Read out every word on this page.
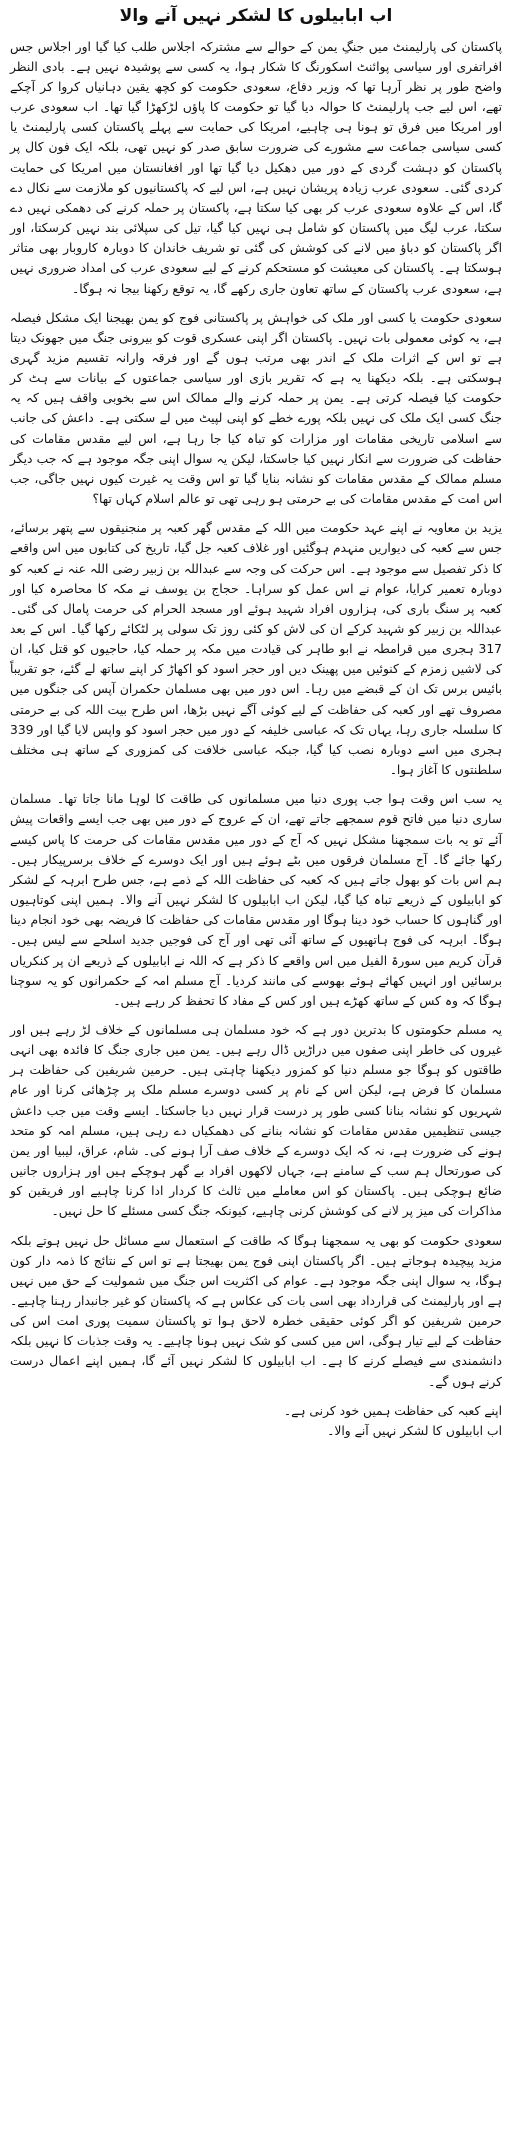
اب ابابیلوں کا لشکر نہیں آنے والا

پاکستان کی پارلیمنٹ میں جنگِ یمن کے حوالے سے مشترکہ اجلاس طلب کیا گیا اور اجلاس جس افراتفری اور سیاسی پوائنٹ اسکورنگ کا شکار ہوا، یہ کسی سے پوشیدہ نہیں ہے۔ بادی النظر واضح طور پر نظر آرہا تھا کہ وزیر دفاع، سعودی حکومت کو کچھ یقین دہانیاں کروا کر آچکے تھے، اس لیے جب پارلیمنٹ کا حوالہ دیا گیا تو حکومت کا پاؤں لڑکھڑا گیا تھا۔ اب سعودی عرب اور امریکا میں فرق تو ہونا ہی چاہیے، امریکا کی حمایت سے پہلے پاکستان کسی پارلیمنٹ یا کسی سیاسی جماعت سے مشورے کی ضرورت سابق صدر کو نہیں تھی، بلکہ ایک فون کال پر پاکستان کو دہشت گردی کے دور میں دھکیل دیا گیا تھا اور افغانستان میں امریکا کی حمایت کردی گئی۔ سعودی عرب زیادہ پریشان نہیں ہے، اس لیے کہ پاکستانیوں کو ملازمت سے نکال دے گا، اس کے علاوہ سعودی عرب کر بھی کیا سکتا ہے، پاکستان پر حملہ کرنے کی دھمکی نہیں دے سکتا، عرب لیگ میں پاکستان کو شامل ہی نہیں کیا گیا، تیل کی سپلائی بند نہیں کرسکتا، اور اگر پاکستان کو دباؤ میں لانے کی کوشش کی گئی تو شریف خاندان کا دوبارہ کاروبار بھی متاثر ہوسکتا ہے۔ پاکستان کی معیشت کو مستحکم کرنے کے لیے سعودی عرب کی امداد ضروری نہیں ہے، سعودی عرب پاکستان کے ساتھ تعاون جاری رکھے گا، یہ توقع رکھنا بیجا نہ ہوگا۔

سعودی حکومت یا کسی اور ملک کی خواہش پر پاکستانی فوج کو یمن بھیجنا ایک مشکل فیصلہ ہے، یہ کوئی معمولی بات نہیں۔ پاکستان اگر اپنی عسکری قوت کو بیرونی جنگ میں جھونک دیتا ہے تو اس کے اثرات ملک کے اندر بھی مرتب ہوں گے اور فرقہ وارانہ تقسیم مزید گہری ہوسکتی ہے۔ بلکہ دیکھنا یہ ہے کہ تقریر بازی اور سیاسی جماعتوں کے بیانات سے ہٹ کر حکومت کیا فیصلہ کرتی ہے۔ یمن پر حملہ کرنے والے ممالک اس سے بخوبی واقف ہیں کہ یہ جنگ کسی ایک ملک کی نہیں بلکہ پورے خطے کو اپنی لپیٹ میں لے سکتی ہے۔ داعش کی جانب سے اسلامی تاریخی مقامات اور مزارات کو تباہ کیا جا رہا ہے، اس لیے مقدس مقامات کی حفاظت کی ضرورت سے انکار نہیں کیا جاسکتا، لیکن یہ سوال اپنی جگہ موجود ہے کہ جب دیگر مسلم ممالک کے مقدس مقامات کو نشانہ بنایا گیا تو اس وقت یہ غیرت کیوں نہیں جاگی، جب اس امت کے مقدس مقامات کی بے حرمتی ہو رہی تھی تو عالم اسلام کہاں تھا؟

یزید بن معاویہ نے اپنے عہد حکومت میں اللہ کے مقدس گھر کعبہ پر منجنیقوں سے پتھر برسائے، جس سے کعبہ کی دیواریں منہدم ہوگئیں اور غلاف کعبہ جل گیا، تاریخ کی کتابوں میں اس واقعے کا ذکر تفصیل سے موجود ہے۔ اس حرکت کی وجہ سے عبداللہ بن زبیر رضی اللہ عنہ نے کعبہ کو دوبارہ تعمیر کرایا، عوام نے اس عمل کو سراہا۔ حجاج بن یوسف نے مکہ کا محاصرہ کیا اور کعبہ پر سنگ باری کی، ہزاروں افراد شہید ہوئے اور مسجد الحرام کی حرمت پامال کی گئی۔ عبداللہ بن زبیر کو شہید کرکے ان کی لاش کو کئی روز تک سولی پر لٹکائے رکھا گیا۔ اس کے بعد 317 ہجری میں قرامطہ نے ابو طاہر کی قیادت میں مکہ پر حملہ کیا، حاجیوں کو قتل کیا، ان کی لاشیں زمزم کے کنوئیں میں پھینک دیں اور حجر اسود کو اکھاڑ کر اپنے ساتھ لے گئے، جو تقریباً بائیس برس تک ان کے قبضے میں رہا۔ اس دور میں بھی مسلمان حکمران آپس کی جنگوں میں مصروف تھے اور کعبہ کی حفاظت کے لیے کوئی آگے نہیں بڑھا، اس طرح بیت اللہ کی بے حرمتی کا سلسلہ جاری رہا، یہاں تک کہ عباسی خلیفہ کے دور میں حجر اسود کو واپس لایا گیا اور 339 ہجری میں اسے دوبارہ نصب کیا گیا، جبکہ عباسی خلافت کی کمزوری کے ساتھ ہی مختلف سلطنتوں کا آغاز ہوا۔

یہ سب اس وقت ہوا جب پوری دنیا میں مسلمانوں کی طاقت کا لوہا مانا جاتا تھا۔ مسلمان ساری دنیا میں فاتح قوم سمجھے جاتے تھے، ان کے عروج کے دور میں بھی جب ایسے واقعات پیش آئے تو یہ بات سمجھنا مشکل نہیں کہ آج کے دور میں مقدس مقامات کی حرمت کا پاس کیسے رکھا جائے گا۔ آج مسلمان فرقوں میں بٹے ہوئے ہیں اور ایک دوسرے کے خلاف برسرپیکار ہیں۔ ہم اس بات کو بھول جاتے ہیں کہ کعبہ کی حفاظت اللہ کے ذمے ہے، جس طرح ابرہہ کے لشکر کو ابابیلوں کے ذریعے تباہ کیا گیا، لیکن اب ابابیلوں کا لشکر نہیں آنے والا۔ ہمیں اپنی کوتاہیوں اور گناہوں کا حساب خود دینا ہوگا اور مقدس مقامات کی حفاظت کا فریضہ بھی خود انجام دینا ہوگا۔ ابرہہ کی فوج ہاتھیوں کے ساتھ آئی تھی اور آج کی فوجیں جدید اسلحے سے لیس ہیں۔ قرآن کریم میں سورۃ الفیل میں اس واقعے کا ذکر ہے کہ اللہ نے ابابیلوں کے ذریعے ان پر کنکریاں برسائیں اور انہیں کھائے ہوئے بھوسے کی مانند کردیا۔ آج مسلم امہ کے حکمرانوں کو یہ سوچنا ہوگا کہ وہ کس کے ساتھ کھڑے ہیں اور کس کے مفاد کا تحفظ کر رہے ہیں۔

یہ مسلم حکومتوں کا بدترین دور ہے کہ خود مسلمان ہی مسلمانوں کے خلاف لڑ رہے ہیں اور غیروں کی خاطر اپنی صفوں میں دراڑیں ڈال رہے ہیں۔ یمن میں جاری جنگ کا فائدہ بھی انہی طاقتوں کو ہوگا جو مسلم دنیا کو کمزور دیکھنا چاہتی ہیں۔ حرمین شریفین کی حفاظت ہر مسلمان کا فرض ہے، لیکن اس کے نام پر کسی دوسرے مسلم ملک پر چڑھائی کرنا اور عام شہریوں کو نشانہ بنانا کسی طور پر درست قرار نہیں دیا جاسکتا۔ ایسے وقت میں جب داعش جیسی تنظیمیں مقدس مقامات کو نشانہ بنانے کی دھمکیاں دے رہی ہیں، مسلم امہ کو متحد ہونے کی ضرورت ہے، نہ کہ ایک دوسرے کے خلاف صف آرا ہونے کی۔ شام، عراق، لیبیا اور یمن کی صورتحال ہم سب کے سامنے ہے، جہاں لاکھوں افراد بے گھر ہوچکے ہیں اور ہزاروں جانیں ضائع ہوچکی ہیں۔ پاکستان کو اس معاملے میں ثالث کا کردار ادا کرنا چاہیے اور فریقین کو مذاکرات کی میز پر لانے کی کوشش کرنی چاہیے، کیونکہ جنگ کسی مسئلے کا حل نہیں۔

سعودی حکومت کو بھی یہ سمجھنا ہوگا کہ طاقت کے استعمال سے مسائل حل نہیں ہوتے بلکہ مزید پیچیدہ ہوجاتے ہیں۔ اگر پاکستان اپنی فوج یمن بھیجتا ہے تو اس کے نتائج کا ذمہ دار کون ہوگا، یہ سوال اپنی جگہ موجود ہے۔ عوام کی اکثریت اس جنگ میں شمولیت کے حق میں نہیں ہے اور پارلیمنٹ کی قرارداد بھی اسی بات کی عکاس ہے کہ پاکستان کو غیر جانبدار رہنا چاہیے۔ حرمین شریفین کو اگر کوئی حقیقی خطرہ لاحق ہوا تو پاکستان سمیت پوری امت اس کی حفاظت کے لیے تیار ہوگی، اس میں کسی کو شک نہیں ہونا چاہیے۔ یہ وقت جذبات کا نہیں بلکہ دانشمندی سے فیصلے کرنے کا ہے۔ اب ابابیلوں کا لشکر نہیں آئے گا، ہمیں اپنے اعمال درست کرنے ہوں گے۔

اپنے کعبہ کی حفاظت ہمیں خود کرنی ہے۔

اب ابابیلوں کا لشکر نہیں آنے والا۔
